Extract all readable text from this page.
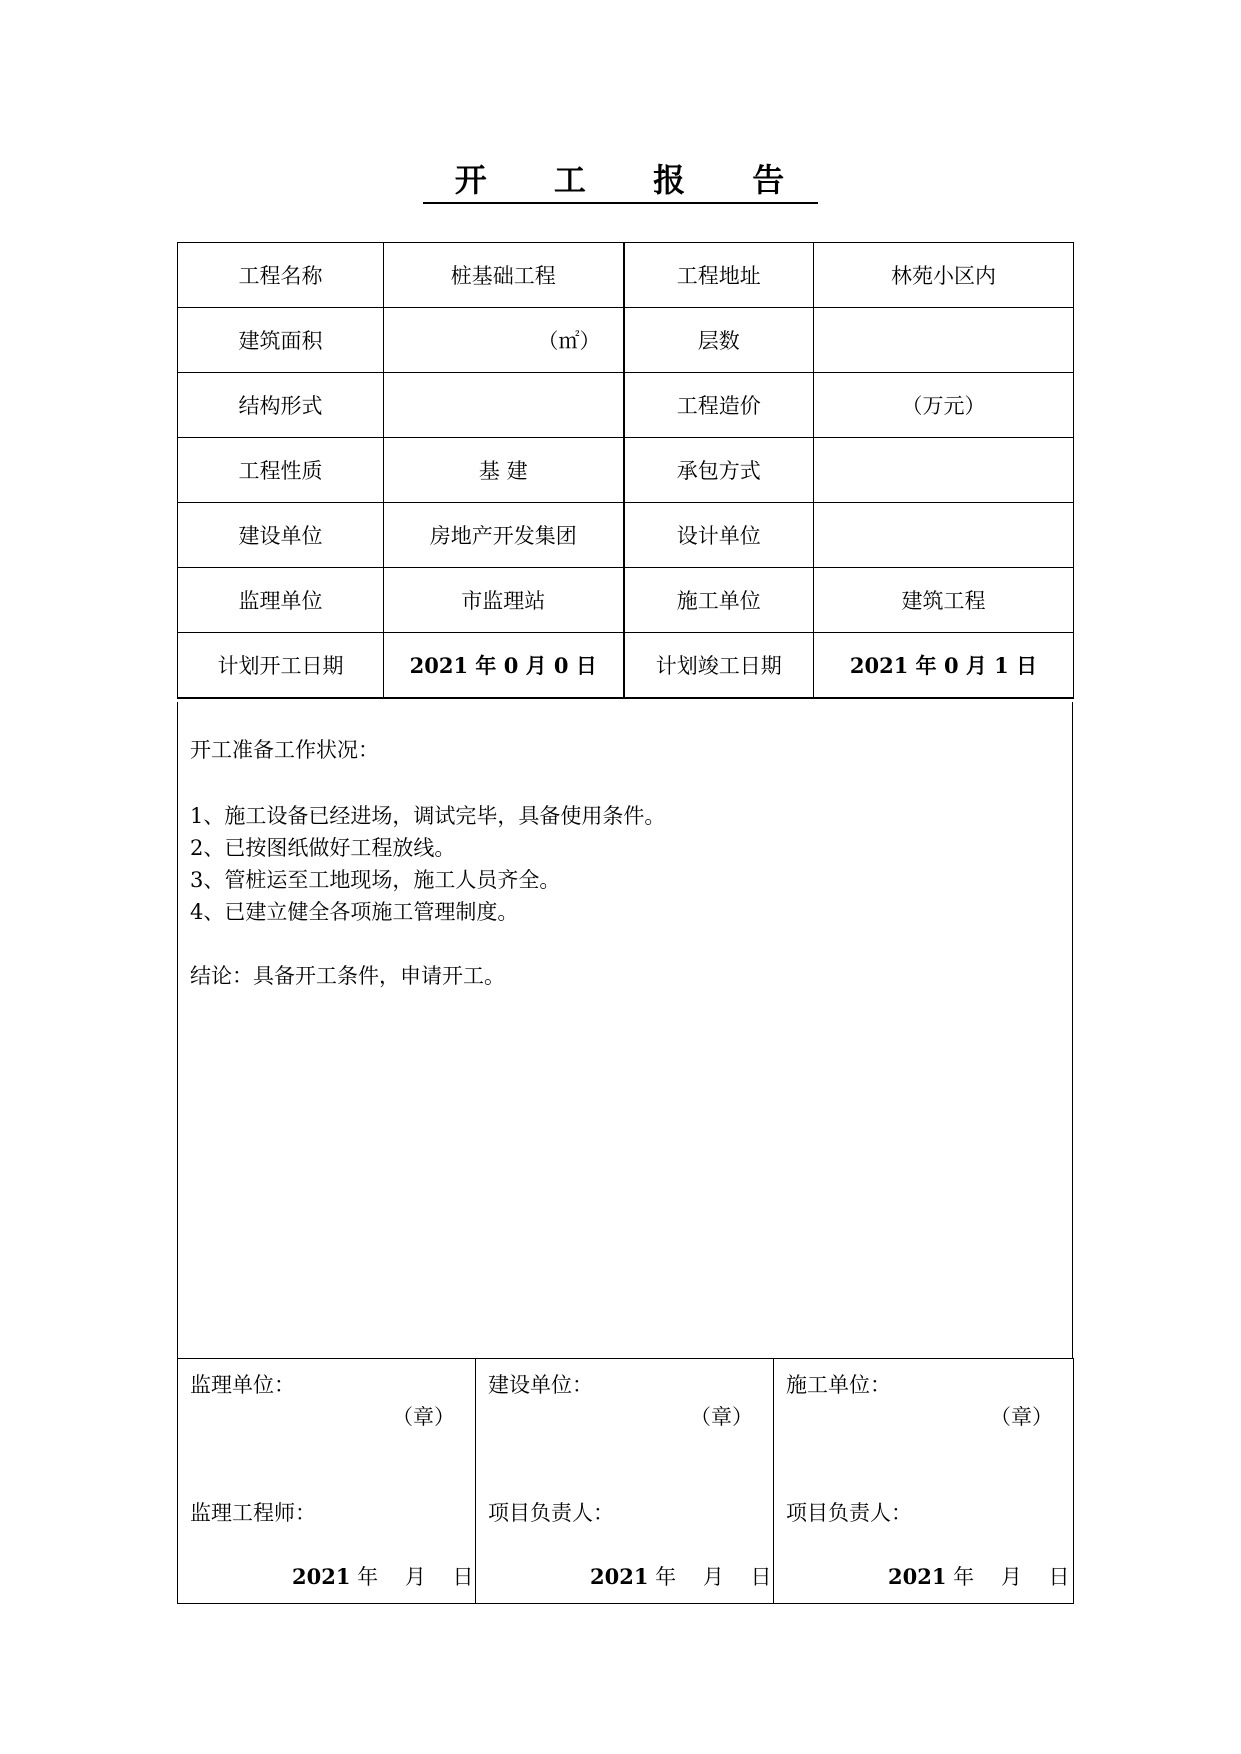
开 工 报 告
工程名称	桩基础工程	工程地址	林苑小区内
建筑面积	（㎡）	层数	
结构形式		工程造价	（万元）
工程性质	基 建	承包方式	
建设单位	房地产开发集团	设计单位	
监理单位	市监理站	施工单位	建筑工程
计划开工日期	2021 年 0 月 0 日	计划竣工日期	2021 年 0 月 1 日
开工准备工作状况：
1、施工设备已经进场，调试完毕，具备使用条件。
2、已按图纸做好工程放线。
3、管桩运至工地现场，施工人员齐全。
4、已建立健全各项施工管理制度。
结论：具备开工条件，申请开工。
监理单位：
（章）
监理工程师：
2021 年    月    日

建设单位：
（章）
项目负责人：
2021 年    月    日

施工单位：
（章）
项目负责人：
2021 年    月    日
